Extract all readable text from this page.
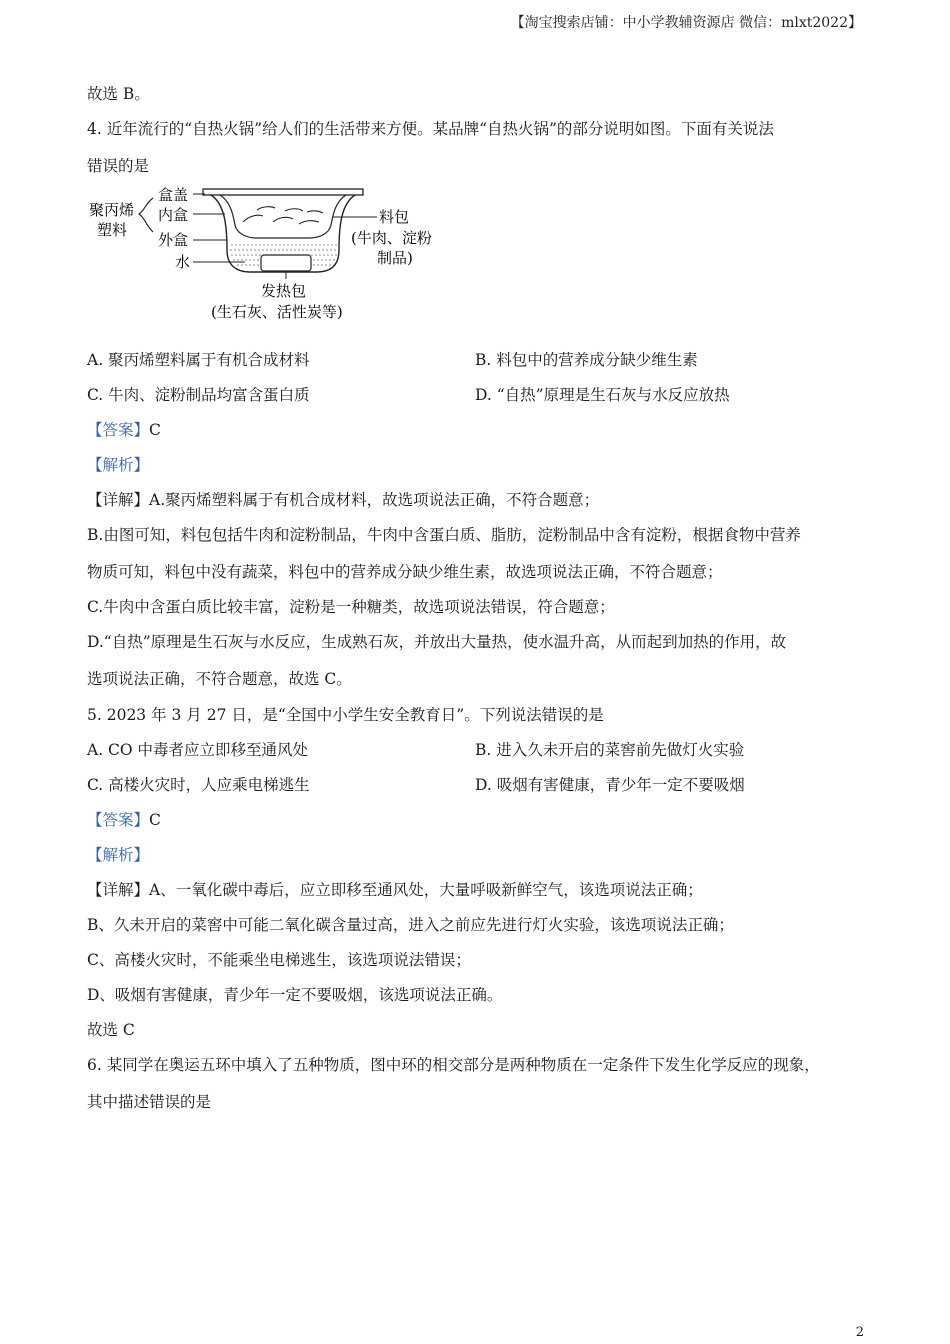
【淘宝搜索店铺：中小学教辅资源店 微信：mlxt2022】
故选 B。
4. 近年流行的“自热火锅”给人们的生活带来方便。某品牌“自热火锅”的部分说明如图。下面有关说法
错误的是
聚丙烯
塑料
盒盖
内盒
外盒
水
料包
(牛肉、淀粉
制品)
发热包
(生石灰、活性炭等)
A. 聚丙烯塑料属于有机合成材料	B. 料包中的营养成分缺少维生素
C. 牛肉、淀粉制品均富含蛋白质	D. “自热”原理是生石灰与水反应放热
【答案】C
【解析】
【详解】A.聚丙烯塑料属于有机合成材料，故选项说法正确，不符合题意；
B.由图可知，料包包括牛肉和淀粉制品，牛肉中含蛋白质、脂肪，淀粉制品中含有淀粉，根据食物中营养
物质可知，料包中没有蔬菜，料包中的营养成分缺少维生素，故选项说法正确，不符合题意；
C.牛肉中含蛋白质比较丰富，淀粉是一种糖类，故选项说法错误，符合题意；
D.“自热”原理是生石灰与水反应，生成熟石灰，并放出大量热，使水温升高，从而起到加热的作用，故
选项说法正确，不符合题意，故选 C。
5. 2023 年 3 月 27 日，是“全国中小学生安全教育日”。下列说法错误的是
A. CO 中毒者应立即移至通风处	B. 进入久未开启的菜窖前先做灯火实验
C. 高楼火灾时，人应乘电梯逃生	D. 吸烟有害健康，青少年一定不要吸烟
【答案】C
【解析】
【详解】A、一氧化碳中毒后，应立即移至通风处，大量呼吸新鲜空气，该选项说法正确；
B、久未开启的菜窖中可能二氧化碳含量过高，进入之前应先进行灯火实验，该选项说法正确；
C、高楼火灾时，不能乘坐电梯逃生，该选项说法错误；
D、吸烟有害健康，青少年一定不要吸烟，该选项说法正确。
故选 C
6. 某同学在奥运五环中填入了五种物质，图中环的相交部分是两种物质在一定条件下发生化学反应的现象，
其中描述错误的是
2
